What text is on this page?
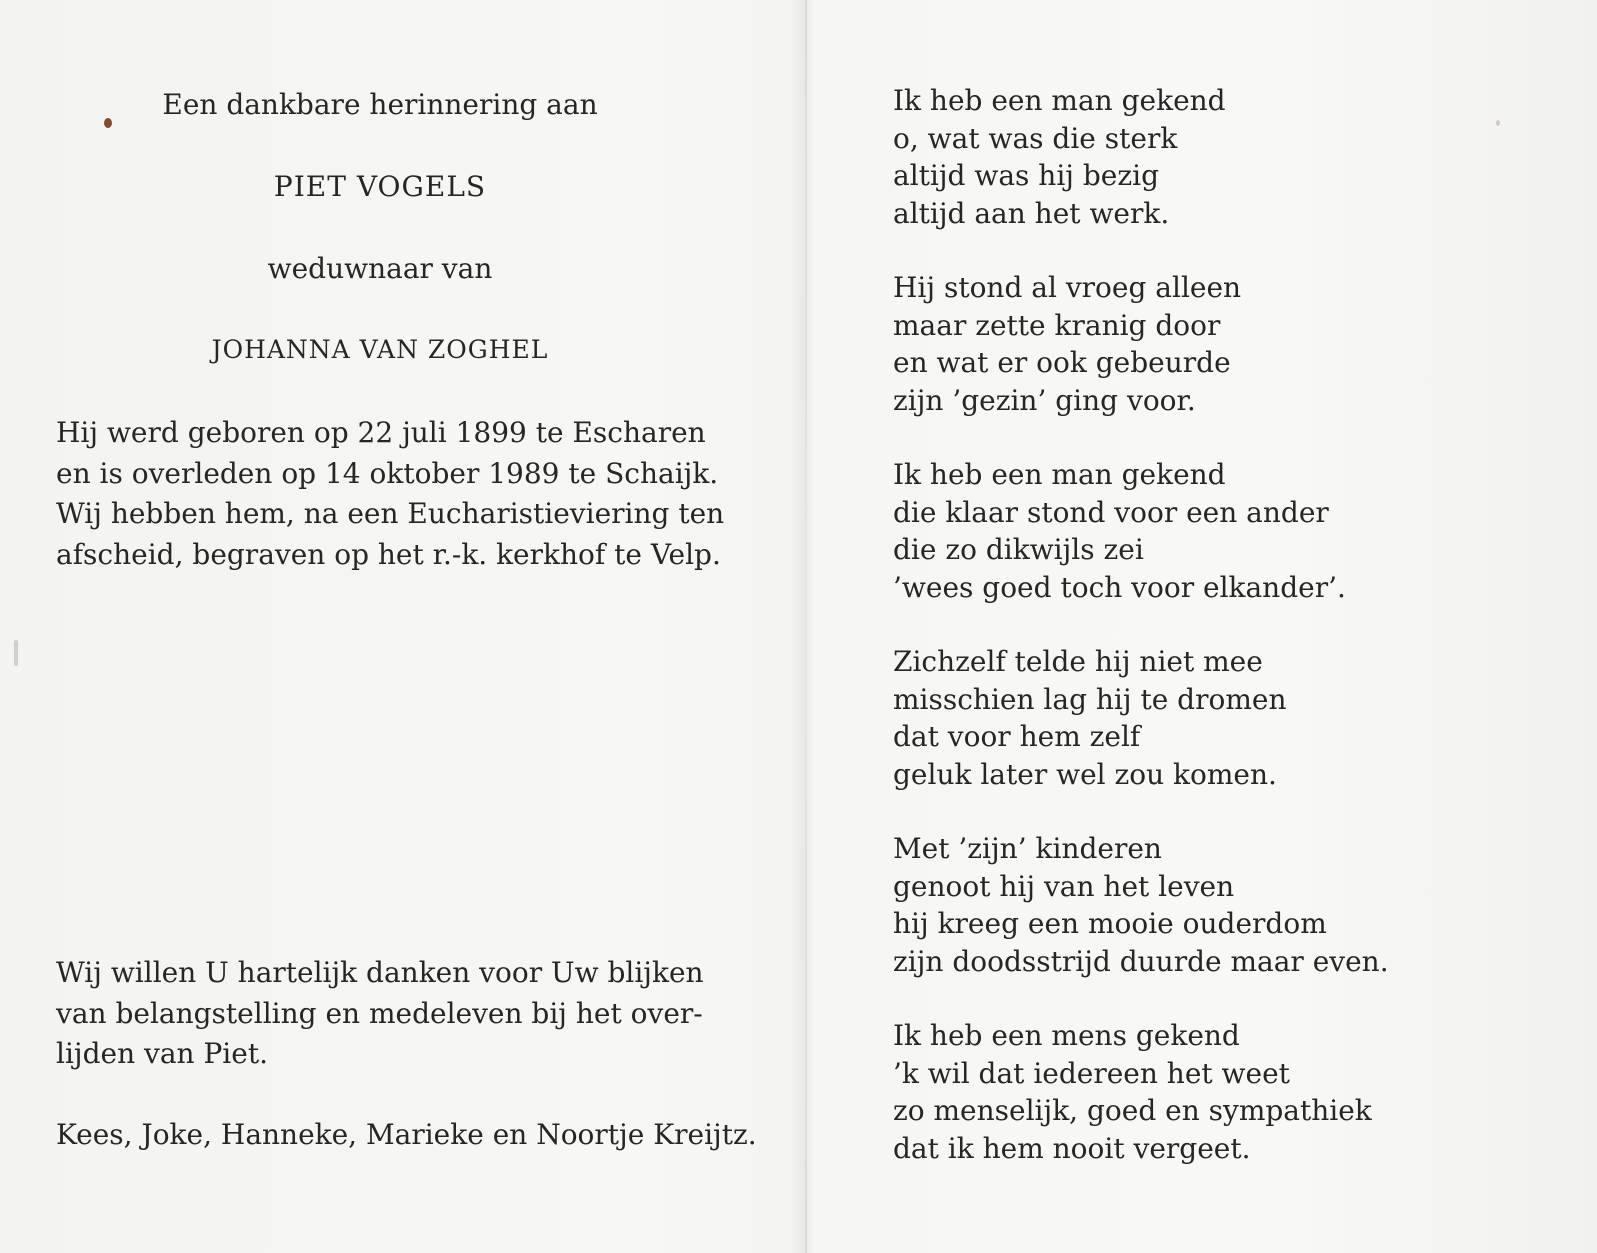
Een dankbare herinnering aan
PIET VOGELS
weduwnaar van
JOHANNA VAN ZOGHEL
Hij werd geboren op 22 juli 1899 te Escharen
en is overleden op 14 oktober 1989 te Schaijk.
Wij hebben hem, na een Eucharistieviering ten
afscheid, begraven op het r.-k. kerkhof te Velp.
Wij willen U hartelijk danken voor Uw blijken
van belangstelling en medeleven bij het over-
lijden van Piet.
Kees, Joke, Hanneke, Marieke en Noortje Kreijtz.
Ik heb een man gekend
o, wat was die sterk
altijd was hij bezig
altijd aan het werk.
Hij stond al vroeg alleen
maar zette kranig door
en wat er ook gebeurde
zijn ’gezin’ ging voor.
Ik heb een man gekend
die klaar stond voor een ander
die zo dikwijls zei
’wees goed toch voor elkander’.
Zichzelf telde hij niet mee
misschien lag hij te dromen
dat voor hem zelf
geluk later wel zou komen.
Met ’zijn’ kinderen
genoot hij van het leven
hij kreeg een mooie ouderdom
zijn doodsstrijd duurde maar even.
Ik heb een mens gekend
’k wil dat iedereen het weet
zo menselijk, goed en sympathiek
dat ik hem nooit vergeet.
